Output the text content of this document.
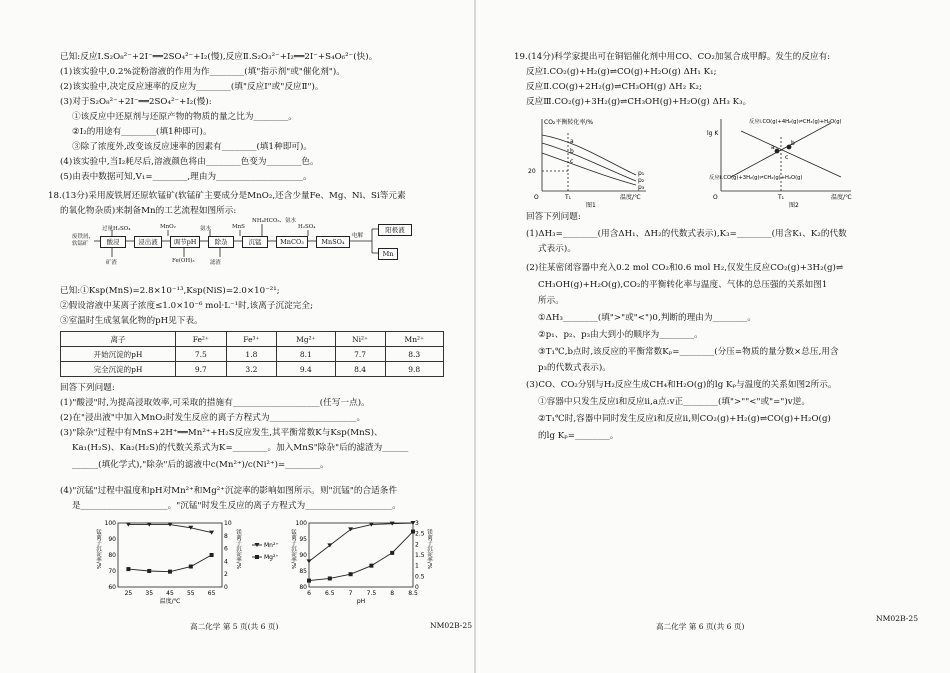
已知:反应Ⅰ.S₂O₈²⁻+2I⁻══2SO₄²⁻+I₂(慢),反应Ⅱ.S₂O₃²⁻+I₂══2I⁻+S₄O₆²⁻(快)。
(1)该实验中,0.2%淀粉溶液的作用为作________(填"指示剂"或"催化剂")。
(2)该实验中,决定反应速率的反应为________(填"反应Ⅰ"或"反应Ⅱ")。
(3)对于S₂O₈²⁻+2I⁻══2SO₄²⁻+I₂(慢):
①该反应中还原剂与还原产物的物质的量之比为________。
②I₂的用途有________(填1种即可)。
③除了浓度外,改变该反应速率的因素有________(填1种即可)。
(4)该实验中,当I₂耗尽后,溶液颜色将由________色变为________色。
(5)由表中数据可知,V₁=________,理由为____________________。
18.(13分)采用废铁屑还原软锰矿(软锰矿主要成分是MnO₂,还含少量Fe、Mg、Ni、Si等元素
的氧化物杂质)来制备Mn的工艺流程如图所示:
废铁屑、软锰矿
过量H₂SO₄	MnO₂	氨水	MnS
NH₄HCO₃、氨水
H₂SO₄
酸浸	浸出液	调节pH	除杂	沉锰	MnCO₃	MnSO₄
电解
阳极液
Mn
矿渣	Fe(OH)₃	滤渣
已知:①Ksp(MnS)=2.8×10⁻¹³,Ksp(NiS)=2.0×10⁻²¹;
②假设溶液中某离子浓度≤1.0×10⁻⁶ mol·L⁻¹时,该离子沉淀完全;
③室温时生成氢氧化物的pH见下表。
离子	Fe²⁺	Fe³⁺	Mg²⁺	Ni²⁺	Mn²⁺
开始沉淀的pH	7.5	1.8	8.1	7.7	8.3
完全沉淀的pH	9.7	3.2	9.4	8.4	9.8
回答下列问题:
(1)"酸浸"时,为提高浸取效率,可采取的措施有____________________(任写一点)。
(2)在"浸出液"中加入MnO₂时发生反应的离子方程式为____________________。
(3)"除杂"过程中有MnS+2H⁺══Mn²⁺+H₂S反应发生,其平衡常数K与Ksp(MnS)、
Ka₁(H₂S)、Ka₂(H₂S)的代数关系式为K=________。加入MnS"除杂"后的滤渣为______
______(填化学式),"除杂"后的滤液中c(Mn²⁺)/c(Ni²⁺)=________。
(4)"沉锰"过程中温度和pH对Mn²⁺和Mg²⁺沉淀率的影响如图所示。则"沉锰"的合适条件
是____________________。"沉锰"时发生反应的离子方程式为____________________。
60
70
80
90
100
0
2
4
6
8
10
25 35 45 55 65
温度/℃
锰离子沉淀率/%	镁离子沉淀率/%	Mn²⁺
Mg²⁺
80
85
90
95
100
0
0.5
1
1.5
2
2.5
3
6 6.5 7 7.5 8 8.5
pH
锰离子沉淀率/%	镁离子沉淀率/%
高二化学 第 5 页(共 6 页)	NM02B-25
19.(14分)科学家提出可在铜铝催化剂中用CO、CO₂加氢合成甲醇。发生的反应有:
反应Ⅰ.CO₂(g)+H₂(g)⇌CO(g)+H₂O(g) ΔH₁ K₁;
反应Ⅱ.CO(g)+2H₂(g)⇌CH₃OH(g) ΔH₂ K₂;
反应Ⅲ.CO₂(g)+3H₂(g)⇌CH₃OH(g)+H₂O(g) ΔH₃ K₃。
CO₂平衡转化率/%
20
O	T₁	温度/℃
图1
a
b
c
p₁
p₂
p₃
lg K
反应ⅰ.CO(g)+4H₂(g)⇌CH₄(g)+H₂O(g)
反应ⅱ.CO(g)+3H₂(g)⇌CH₄(g)+H₂O(g)
O	T₁	温度/℃
图2
a
b
c
回答下列问题:
(1)ΔH₃=________(用含ΔH₁、ΔH₂的代数式表示),K₃=________(用含K₁、K₂的代数
式表示)。
(2)往某密闭容器中充入0.2 mol CO₂和0.6 mol H₂,仅发生反应CO₂(g)+3H₂(g)⇌
CH₃OH(g)+H₂O(g),CO₂的平衡转化率与温度、气体的总压强的关系如图1
所示。
①ΔH₃________(填">"或"<")0,判断的理由为________。
②p₁、p₂、p₃由大到小的顺序为________。
③T₁℃,b点时,该反应的平衡常数Kₚ=________(分压=物质的量分数×总压,用含
p₃的代数式表示)。
(3)CO、CO₂分别与H₂反应生成CH₄和H₂O(g)的lg Kₚ与温度的关系如图2所示。
①容器中只发生反应ⅰ和反应ⅱ,a点:v正________(填">""<"或"=")v逆。
②T₁℃时,容器中同时发生反应ⅰ和反应ⅱ,则CO₂(g)+H₂(g)⇌CO(g)+H₂O(g)
的lg Kₚ=________。
高二化学 第 6 页(共 6 页)
NM02B-25
